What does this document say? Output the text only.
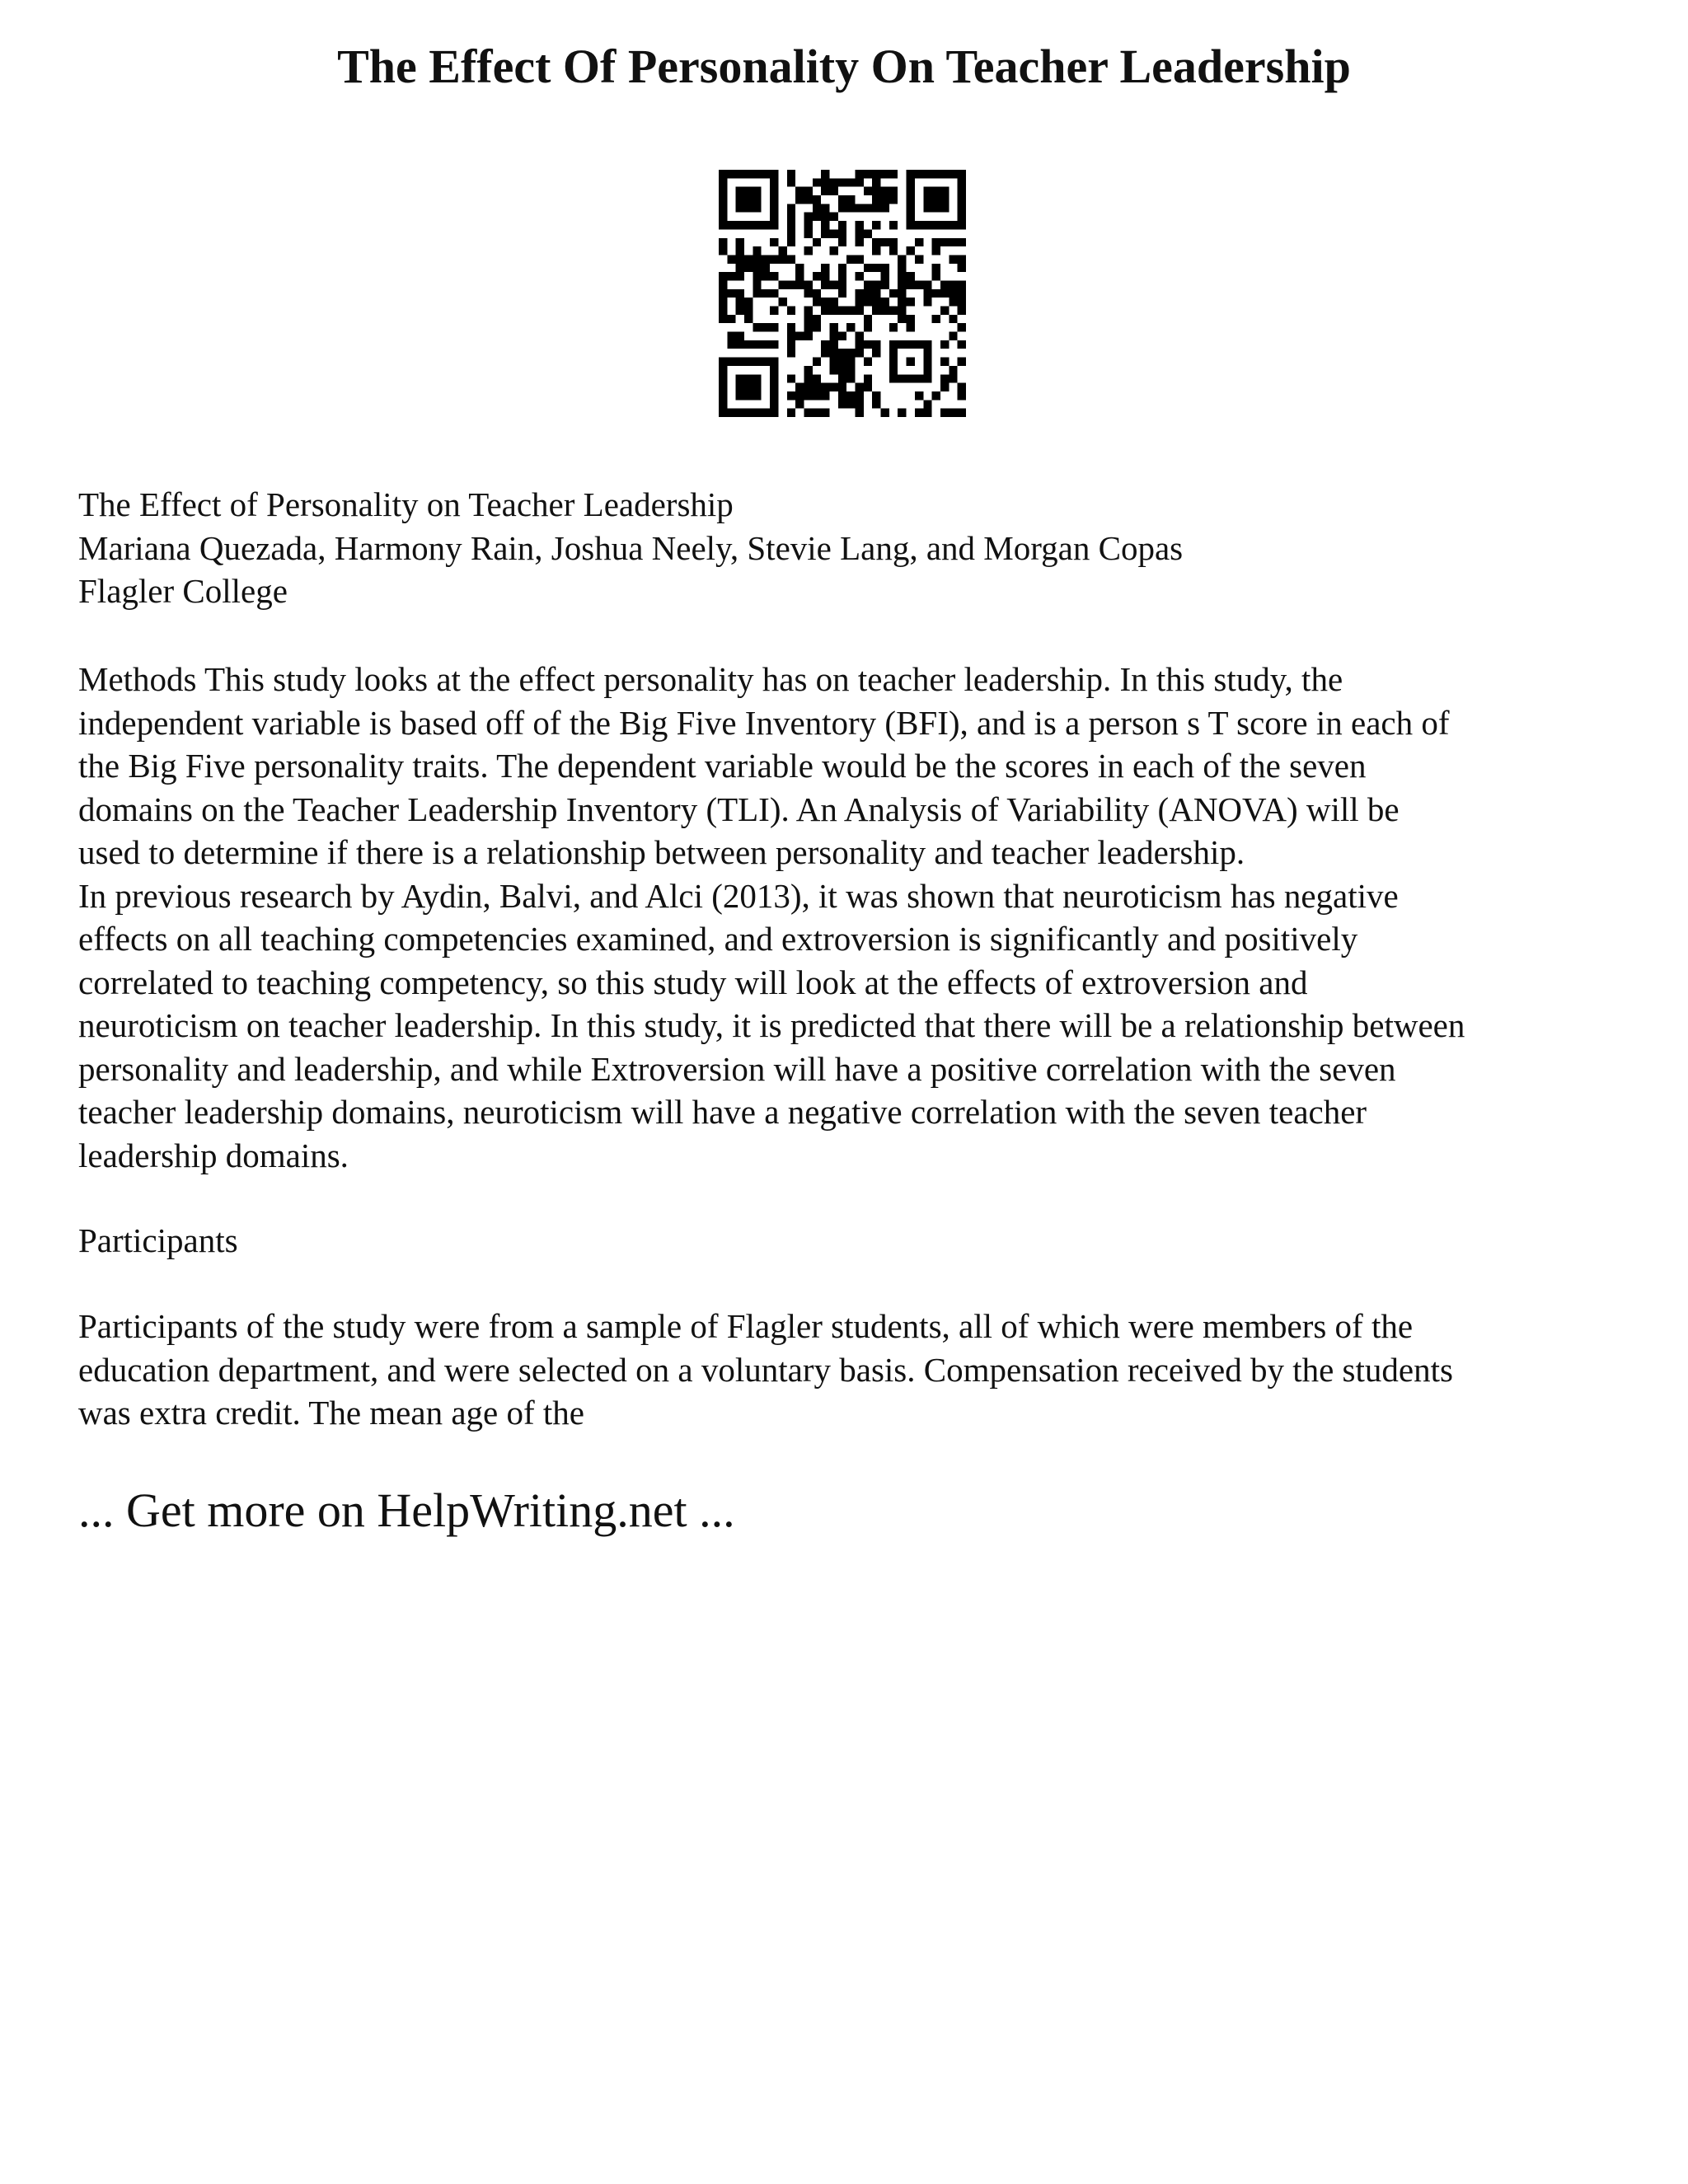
The Effect Of Personality On Teacher Leadership
The Effect of Personality on Teacher Leadership
Mariana Quezada, Harmony Rain, Joshua Neely, Stevie Lang, and Morgan Copas
Flagler College
Methods This study looks at the effect personality has on teacher leadership. In this study, the
independent variable is based off of the Big Five Inventory (BFI), and is a person s T score in each of
the Big Five personality traits. The dependent variable would be the scores in each of the seven
domains on the Teacher Leadership Inventory (TLI). An Analysis of Variability (ANOVA) will be
used to determine if there is a relationship between personality and teacher leadership.
In previous research by Aydin, Balvi, and Alci (2013), it was shown that neuroticism has negative
effects on all teaching competencies examined, and extroversion is significantly and positively
correlated to teaching competency, so this study will look at the effects of extroversion and
neuroticism on teacher leadership. In this study, it is predicted that there will be a relationship between
personality and leadership, and while Extroversion will have a positive correlation with the seven
teacher leadership domains, neuroticism will have a negative correlation with the seven teacher
leadership domains.
Participants
Participants of the study were from a sample of Flagler students, all of which were members of the
education department, and were selected on a voluntary basis. Compensation received by the students
was extra credit. The mean age of the

... Get more on HelpWriting.net ...
